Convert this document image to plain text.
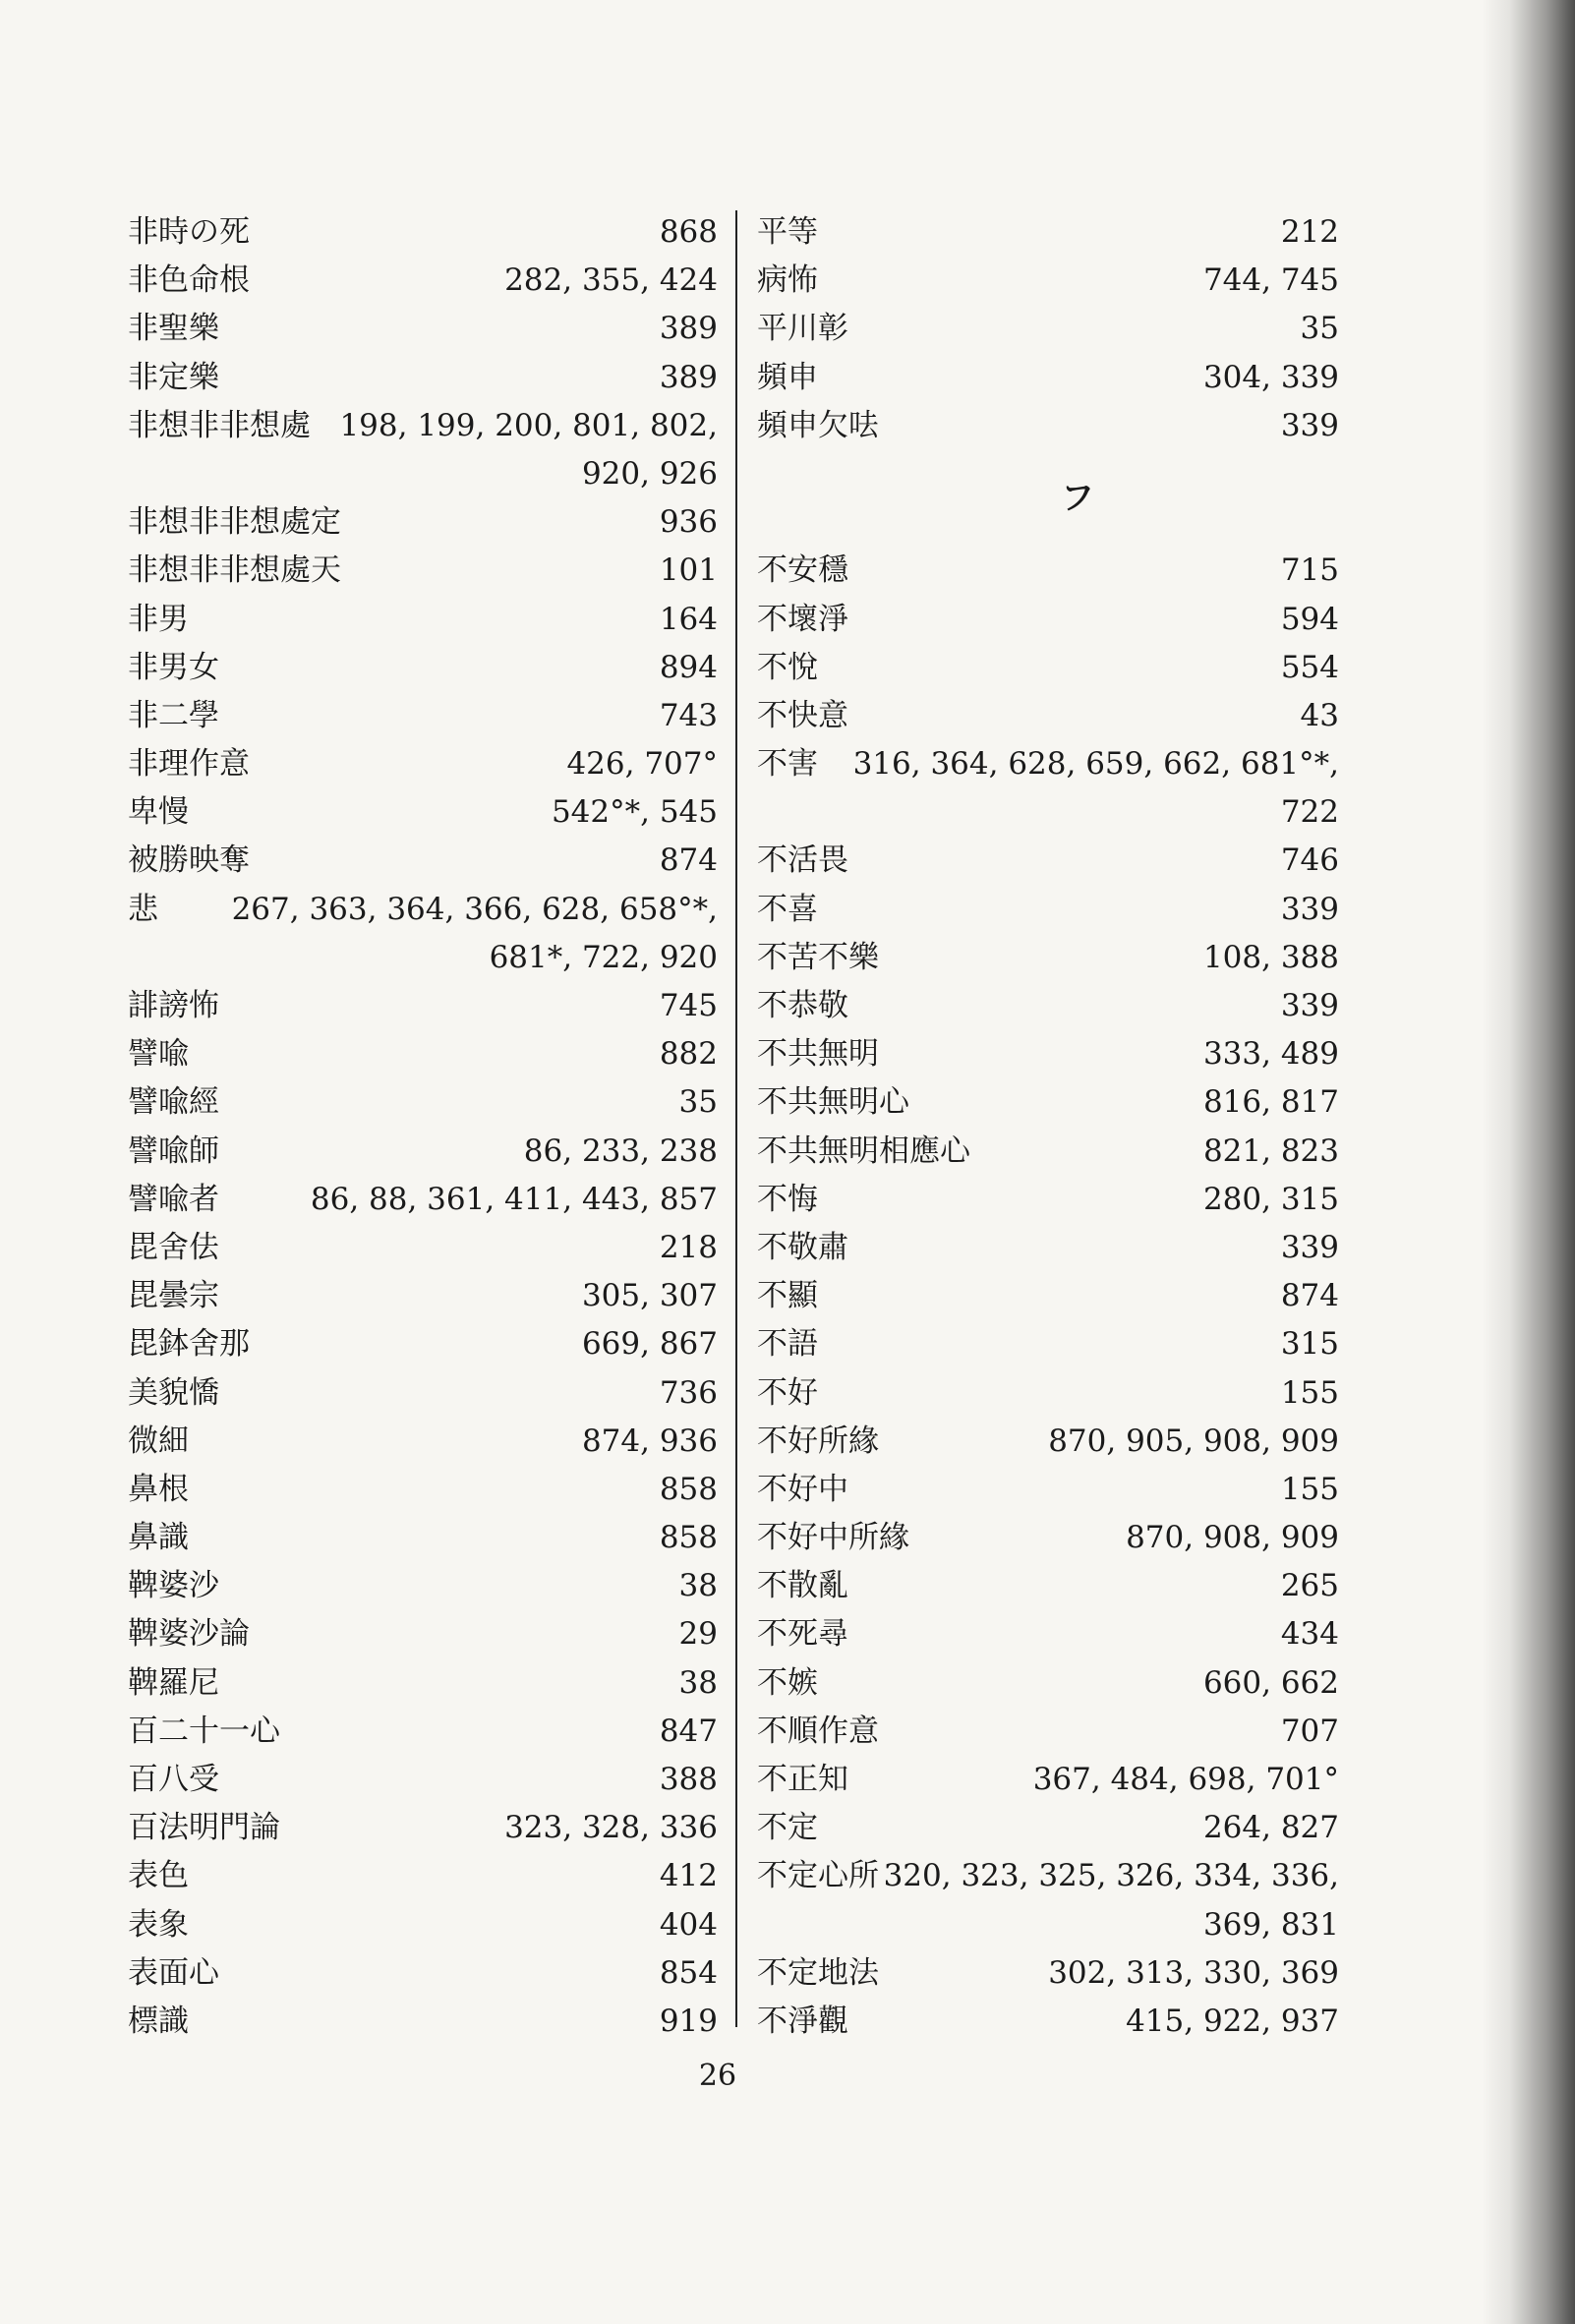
非時の死	868
非色命根	282, 355, 424
非聖樂	389
非定樂	389
非想非非想處 198, 199, 200, 801, 802,
920, 926
非想非非想處定	936
非想非非想處天	101
非男	164
非男女	894
非二學	743
非理作意	426, 707°
卑慢	542°*, 545
被勝映奪	874
悲 267, 363, 364, 366, 628, 658°*,
681*, 722, 920
誹謗怖	745
譬喩	882
譬喩經	35
譬喩師	86, 233, 238
譬喩者	86, 88, 361, 411, 443, 857
毘舍佉	218
毘曇宗	305, 307
毘鉢舍那	669, 867
美貌憍	736
微細	874, 936
鼻根	858
鼻識	858
鞞婆沙	38
鞞婆沙論	29
鞞羅尼	38
百二十一心	847
百八受	388
百法明門論	323, 328, 336
表色	412
表象	404
表面心	854
標識	919
平等	212
病怖	744, 745
平川彰	35
頻申	304, 339
頻申欠呿	339
フ
不安穩	715
不壞淨	594
不悅	554
不快意	43
不害 316, 364, 628, 659, 662, 681°*,
722
不活畏	746
不喜	339
不苦不樂	108, 388
不恭敬	339
不共無明	333, 489
不共無明心	816, 817
不共無明相應心	821, 823
不悔	280, 315
不敬肅	339
不顯	874
不語	315
不好	155
不好所緣	870, 905, 908, 909
不好中	155
不好中所緣	870, 908, 909
不散亂	265
不死尋	434
不嫉	660, 662
不順作意	707
不正知	367, 484, 698, 701°
不定	264, 827
不定心所 320, 323, 325, 326, 334, 336,
369, 831
不定地法	302, 313, 330, 369
不淨觀	415, 922, 937
26
